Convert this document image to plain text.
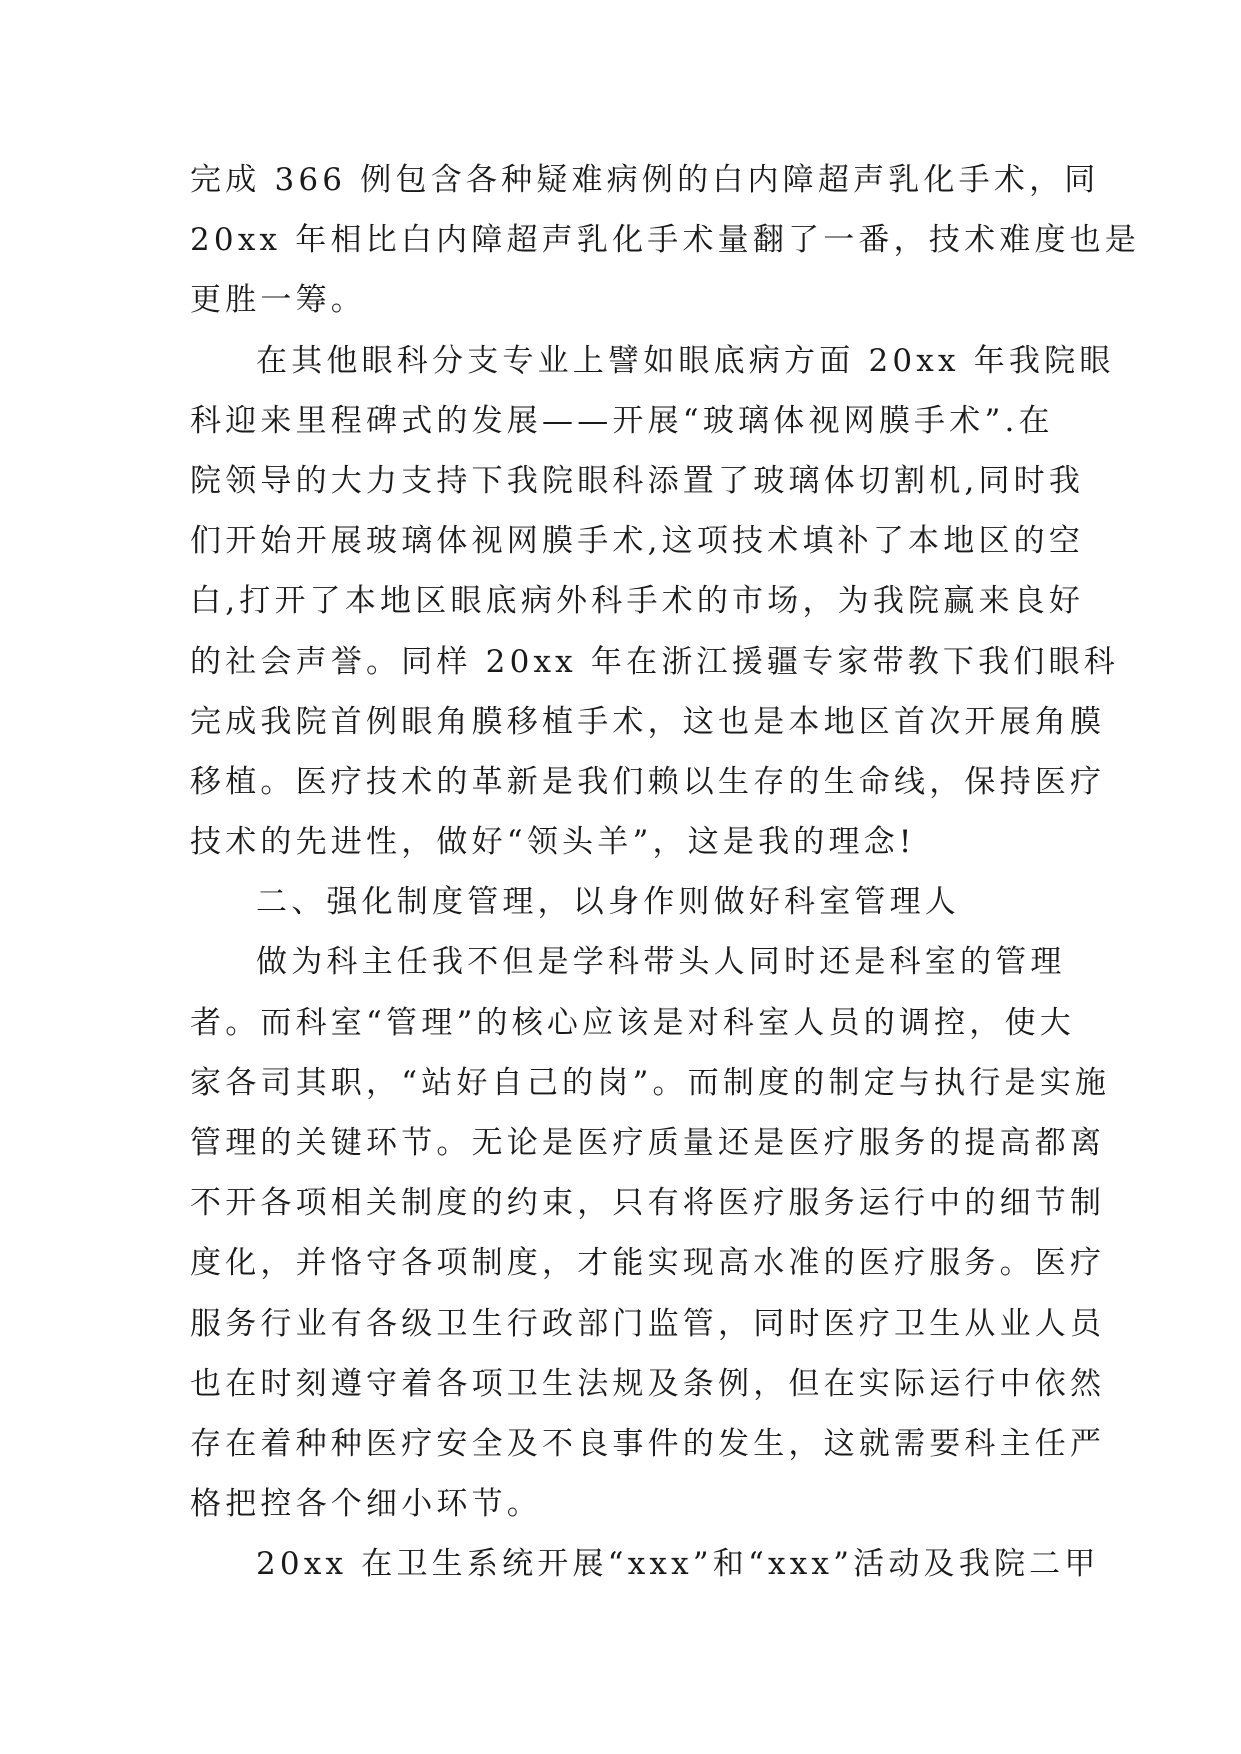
完成 366 例包含各种疑难病例的白内障超声乳化手术，同
20xx 年相比白内障超声乳化手术量翻了一番，技术难度也是
更胜一筹。
在其他眼科分支专业上譬如眼底病方面 20xx 年我院眼
科迎来里程碑式的发展——开展“玻璃体视网膜手术”.在
院领导的大力支持下我院眼科添置了玻璃体切割机,同时我
们开始开展玻璃体视网膜手术,这项技术填补了本地区的空
白,打开了本地区眼底病外科手术的市场，为我院赢来良好
的社会声誉。同样 20xx 年在浙江援疆专家带教下我们眼科
完成我院首例眼角膜移植手术，这也是本地区首次开展角膜
移植。医疗技术的革新是我们赖以生存的生命线，保持医疗
技术的先进性，做好“领头羊”，这是我的理念!
二、强化制度管理，以身作则做好科室管理人
做为科主任我不但是学科带头人同时还是科室的管理
者。而科室“管理”的核心应该是对科室人员的调控，使大
家各司其职，“站好自己的岗”。而制度的制定与执行是实施
管理的关键环节。无论是医疗质量还是医疗服务的提高都离
不开各项相关制度的约束，只有将医疗服务运行中的细节制
度化，并恪守各项制度，才能实现高水准的医疗服务。医疗
服务行业有各级卫生行政部门监管，同时医疗卫生从业人员
也在时刻遵守着各项卫生法规及条例，但在实际运行中依然
存在着种种医疗安全及不良事件的发生，这就需要科主任严
格把控各个细小环节。
20xx 在卫生系统开展“xxx”和“xxx”活动及我院二甲
